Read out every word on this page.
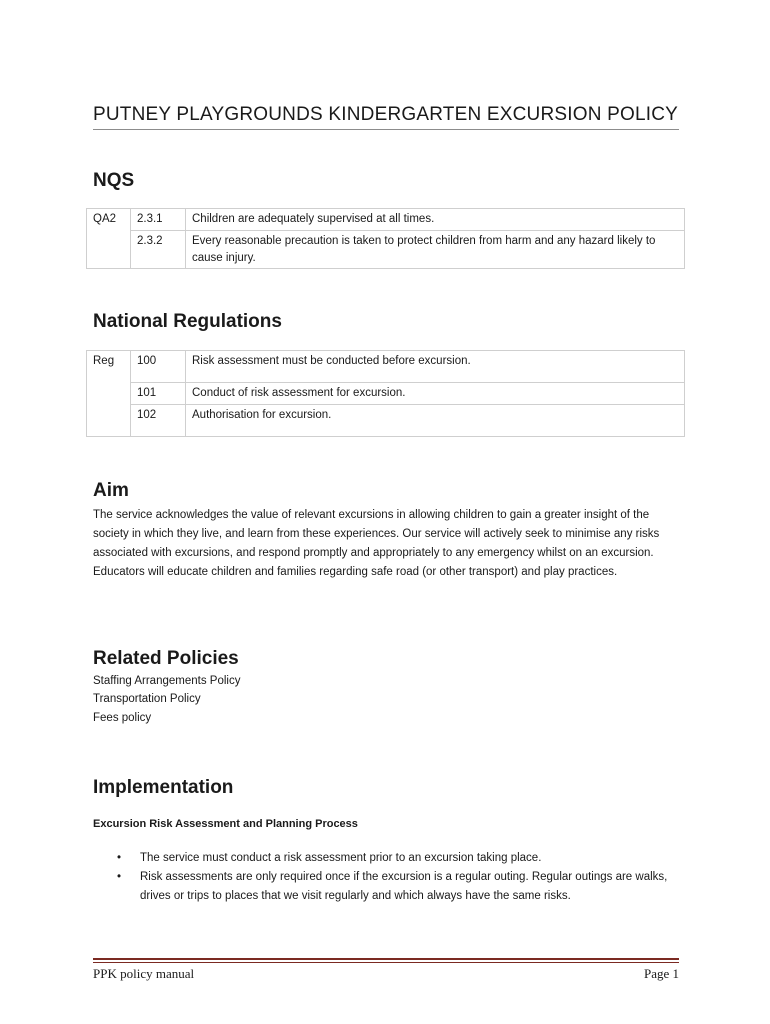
PUTNEY PLAYGROUNDS KINDERGARTEN EXCURSION POLICY
NQS
QA2	2.3.1	Children are adequately supervised at all times.
	2.3.2	Every reasonable precaution is taken to protect children from harm and any hazard likely to cause injury.
National Regulations
Reg	100	Risk assessment must be conducted before excursion.
	101	Conduct of risk assessment for excursion.
	102	Authorisation for excursion.
Aim
The service acknowledges the value of relevant excursions in allowing children to gain a greater insight of the society in which they live, and learn from these experiences. Our service will actively seek to minimise any risks associated with excursions, and respond promptly and appropriately to any emergency whilst on an excursion. Educators will educate children and families regarding safe road (or other transport) and play practices.
Related Policies
Staffing Arrangements Policy
Transportation Policy
Fees policy
Implementation
Excursion Risk Assessment and Planning Process
• The service must conduct a risk assessment prior to an excursion taking place.
• Risk assessments are only required once if the excursion is a regular outing. Regular outings are walks, drives or trips to places that we visit regularly and which always have the same risks.
PPK policy manual	Page 1
